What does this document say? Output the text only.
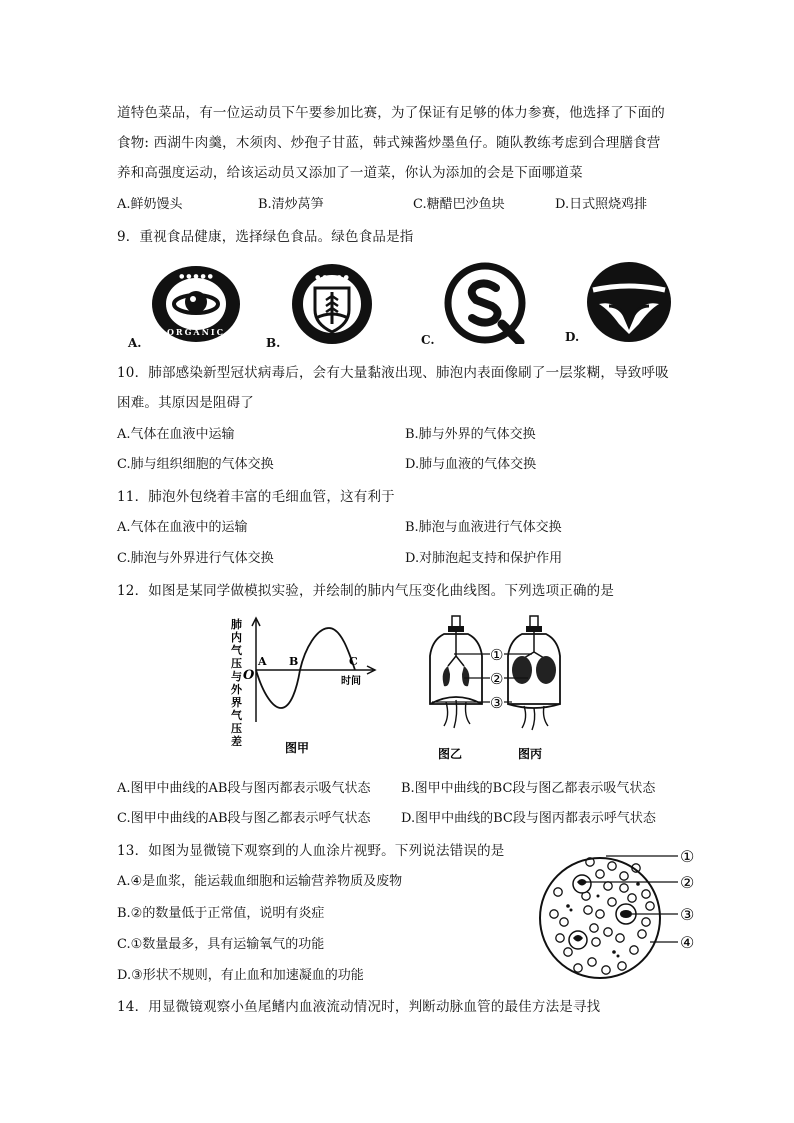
道特色菜品，有一位运动员下午要参加比赛，为了保证有足够的体力参赛，他选择了下面的
食物: 西湖牛肉羹，木须肉、炒孢子甘蓝，韩式辣酱炒墨鱼仔。随队教练考虑到合理膳食营
养和高强度运动，给该运动员又添加了一道菜，你认为添加的会是下面哪道菜
A.鲜奶馒头	B.清炒莴笋	C.糖醋巴沙鱼块	D.日式照烧鸡排
9．重视食品健康，选择绿色食品。绿色食品是指
ORGANIC
● ● ● ● ●
A.
● ● ● ● ●
B.	C.	D.
10．肺部感染新型冠状病毒后，会有大量黏液出现、肺泡内表面像刷了一层浆糊，导致呼吸
困难。其原因是阻碍了
A.气体在血液中运输	B.肺与外界的气体交换
C.肺与组织细胞的气体交换	D.肺与血液的气体交换
11．肺泡外包绕着丰富的毛细血管，这有利于
A.气体在血液中的运输	B.肺泡与血液进行气体交换
C.肺泡与外界进行气体交换	D.对肺泡起支持和保护作用
12．如图是某同学做模拟实验，并绘制的肺内气压变化曲线图。下列选项正确的是
肺
内
气
压
与
外
界
气
压
差
O
A B	C
时间
图甲
①
②
③
图乙	图丙
A.图甲中曲线的AB段与图丙都表示吸气状态 B.图甲中曲线的BC段与图乙都表示吸气状态
C.图甲中曲线的AB段与图乙都表示呼气状态 D.图甲中曲线的BC段与图丙都表示呼气状态
13．如图为显微镜下观察到的人血涂片视野。下列说法错误的是
A.④是血浆，能运载血细胞和运输营养物质及废物
B.②的数量低于正常值，说明有炎症
C.①数量最多，具有运输氧气的功能
D.③形状不规则，有止血和加速凝血的功能
①
②
③
④
14．用显微镜观察小鱼尾鳍内血液流动情况时，判断动脉血管的最佳方法是寻找
